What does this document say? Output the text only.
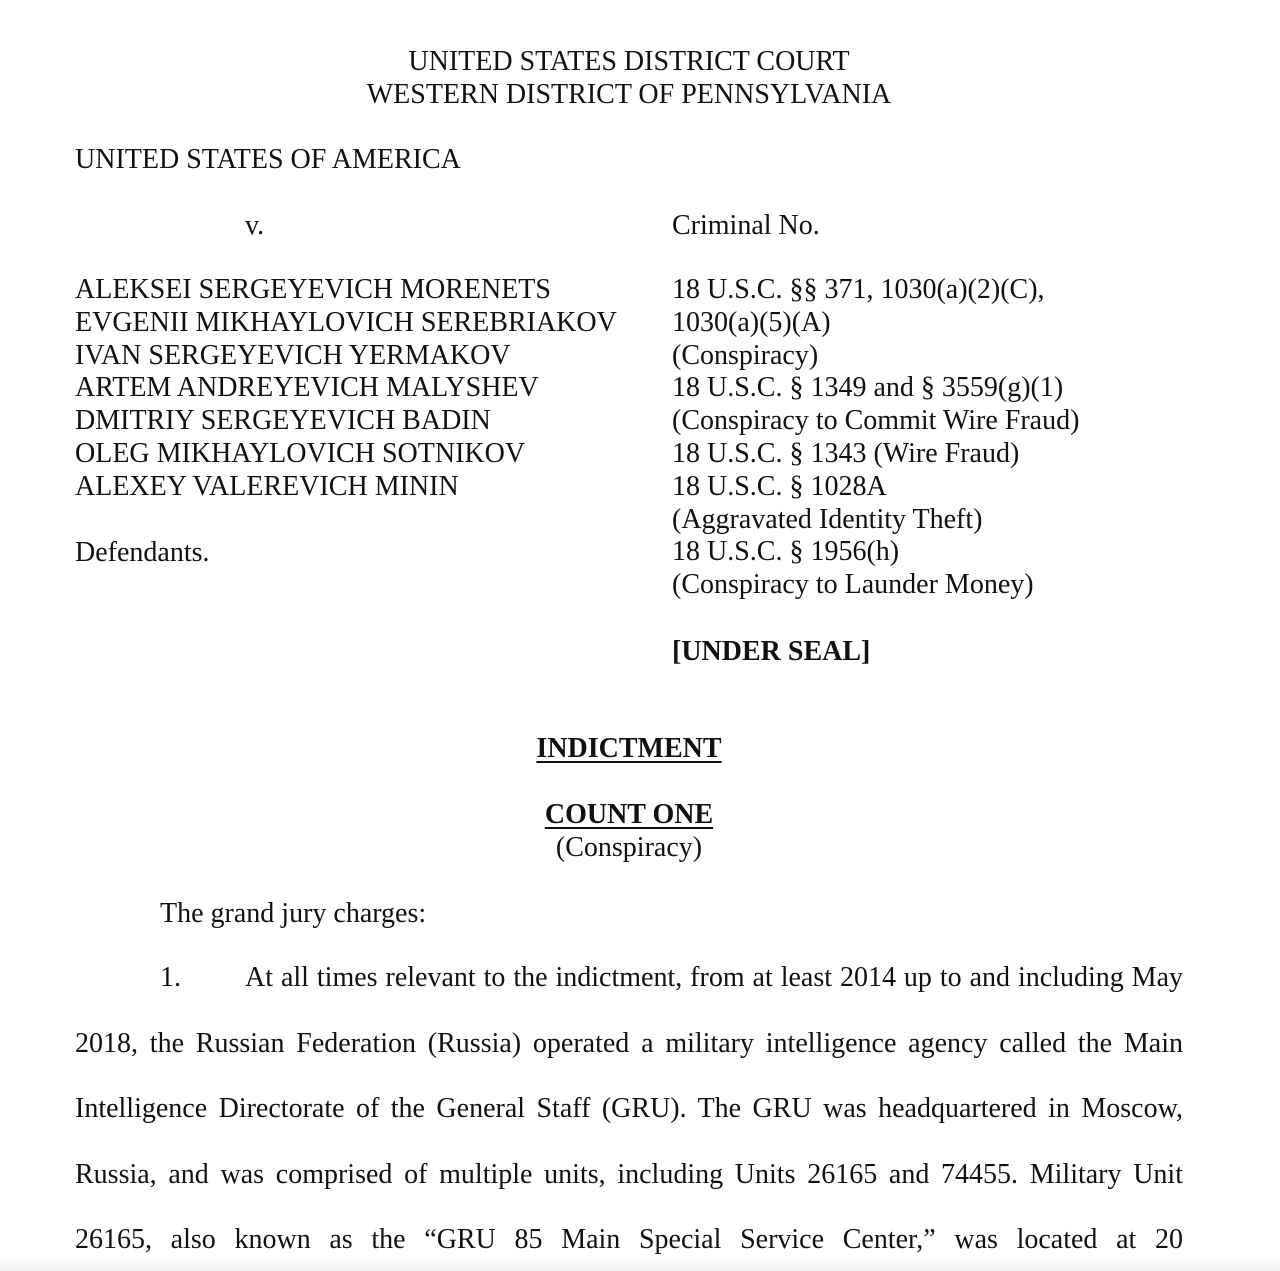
UNITED STATES DISTRICT COURT
WESTERN DISTRICT OF PENNSYLVANIA
UNITED STATES OF AMERICA
v.	Criminal No.
ALEKSEI SERGEYEVICH MORENETS
EVGENII MIKHAYLOVICH SEREBRIAKOV
IVAN SERGEYEVICH YERMAKOV
ARTEM ANDREYEVICH MALYSHEV
DMITRIY SERGEYEVICH BADIN
OLEG MIKHAYLOVICH SOTNIKOV
ALEXEY VALEREVICH MININ
Defendants.
18 U.S.C. §§ 371, 1030(a)(2)(C),
1030(a)(5)(A)
(Conspiracy)
18 U.S.C. § 1349 and § 3559(g)(1)
(Conspiracy to Commit Wire Fraud)
18 U.S.C. § 1343 (Wire Fraud)
18 U.S.C. § 1028A
(Aggravated Identity Theft)
18 U.S.C. § 1956(h)
(Conspiracy to Launder Money)
[UNDER SEAL]
INDICTMENT
COUNT ONE
(Conspiracy)
The grand jury charges:
1. At all times relevant to the indictment, from at least 2014 up to and including May
2018, the Russian Federation (Russia) operated a military intelligence agency called the Main
Intelligence Directorate of the General Staff (GRU). The GRU was headquartered in Moscow,
Russia, and was comprised of multiple units, including Units 26165 and 74455. Military Unit
26165, also known as the “GRU 85 Main Special Service Center,” was located at 20
